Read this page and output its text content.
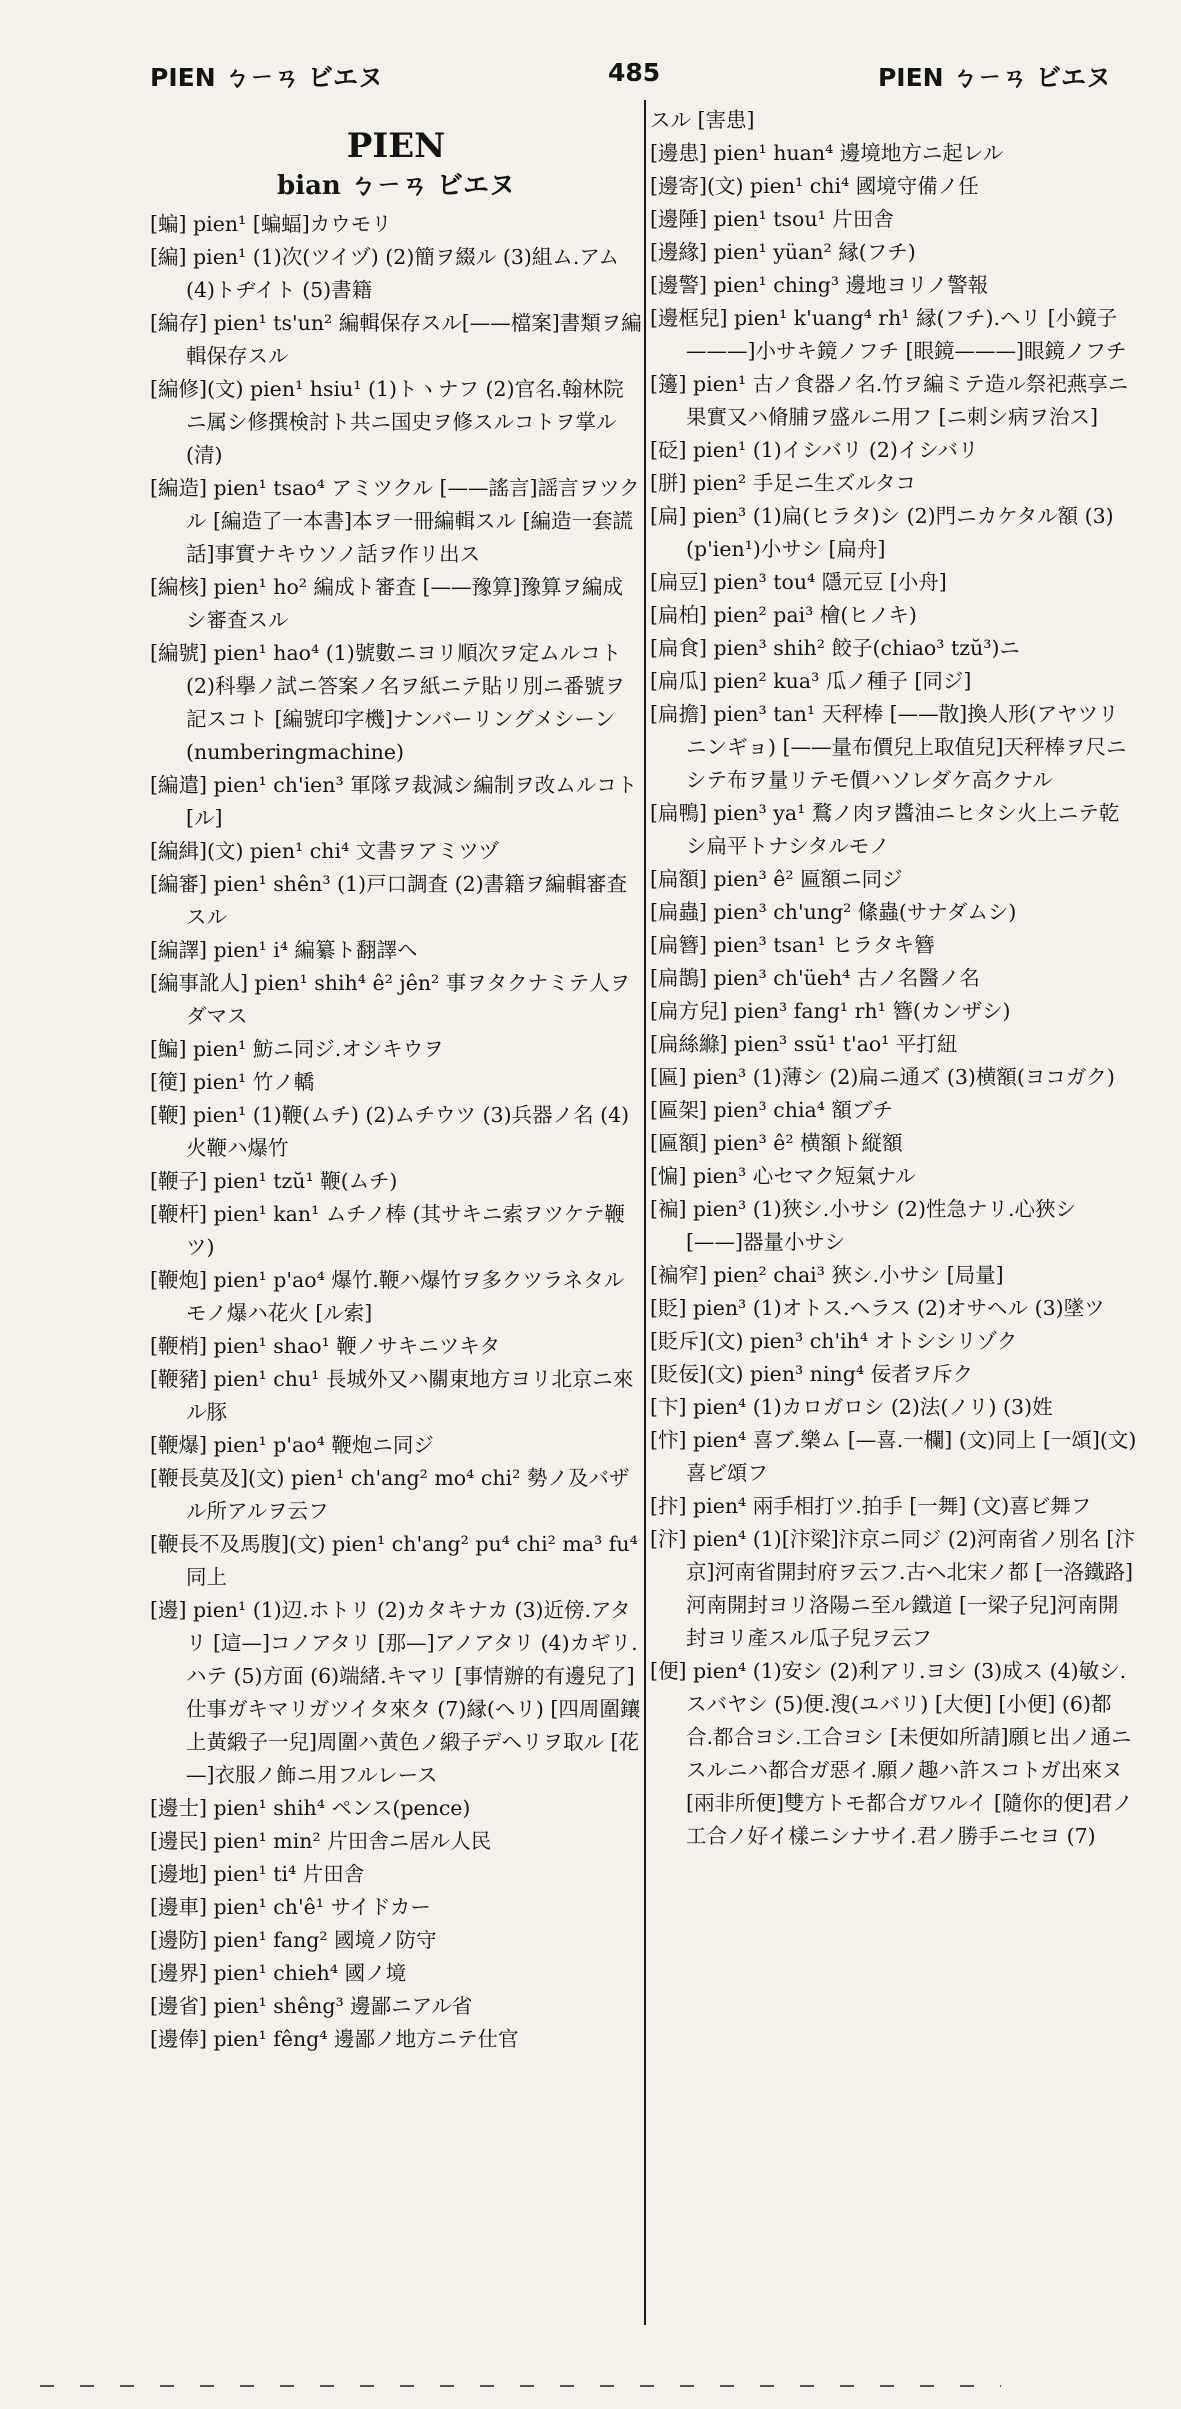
PIEN ㄅㄧㄢ ビエヌ	485	PIEN ㄅㄧㄢ ビエヌ
PIEN
bian ㄅㄧㄢ ビエヌ
[蝙] pien¹ [蝙蝠]カウモリ
[編] pien¹ (1)次(ツイヅ) (2)簡ヲ綴ル (3)組ム.アム (4)トヂイト (5)書籍
[編存] pien¹ ts'un² 編輯保存スル[——檔案]書類ヲ編輯保存スル
[編修](文) pien¹ hsiu¹ (1)トヽナフ (2)官名.翰林院ニ属シ修撰検討ト共ニ国史ヲ修スルコトヲ掌ル(清)
[編造] pien¹ tsao⁴ アミツクル [——謠言]謡言ヲツクル [編造了一本書]本ヲ一冊編輯スル [編造一套謊話]事實ナキウソノ話ヲ作リ出ス
[編核] pien¹ ho² 編成ト審査 [——豫算]豫算ヲ編成シ審査スル
[編號] pien¹ hao⁴ (1)號數ニヨリ順次ヲ定ムルコト (2)科擧ノ試ニ答案ノ名ヲ紙ニテ貼リ別ニ番號ヲ記スコト [編號印字機]ナンバーリングメシーン (numberingmachine)
[編遣] pien¹ ch'ien³ 軍隊ヲ裁減シ編制ヲ改ムルコト [ル]
[編緝](文) pien¹ chi⁴ 文書ヲアミツヅ
[編審] pien¹ shên³ (1)戸口調査 (2)書籍ヲ編輯審査スル
[編譯] pien¹ i⁴ 編纂ト翻譯ヘ
[編事訛人] pien¹ shih⁴ ê² jên² 事ヲタクナミテ人ヲダマス
[鯿] pien¹ 魴ニ同ジ.オシキウヲ
[箯] pien¹ 竹ノ轎
[鞭] pien¹ (1)鞭(ムチ) (2)ムチウツ (3)兵器ノ名 (4)火鞭ハ爆竹
[鞭子] pien¹ tzŭ¹ 鞭(ムチ)
[鞭杆] pien¹ kan¹ ムチノ棒 (其サキニ索ヲツケテ鞭ツ)
[鞭炮] pien¹ p'ao⁴ 爆竹.鞭ハ爆竹ヲ多クツラネタルモノ爆ハ花火 [ル索]
[鞭梢] pien¹ shao¹ 鞭ノサキニツキタ
[鞭豬] pien¹ chu¹ 長城外又ハ關東地方ヨリ北京ニ來ル豚
[鞭爆] pien¹ p'ao⁴ 鞭炮ニ同ジ
[鞭長莫及](文) pien¹ ch'ang² mo⁴ chi² 勢ノ及バザル所アルヲ云フ
[鞭長不及馬腹](文) pien¹ ch'ang² pu⁴ chi² ma³ fu⁴ 同上
[邊] pien¹ (1)辺.ホトリ (2)カタキナカ (3)近傍.アタリ [這—]コノアタリ [那—]アノアタリ (4)カギリ.ハテ (5)方面 (6)端緒.キマリ [事情辦的有邊兒了]仕事ガキマリガツイタ來タ (7)縁(ヘリ) [四周圍鑲上黃緞子一兒]周圍ハ黄色ノ緞子デヘリヲ取ル [花—]衣服ノ飾ニ用フルレース
[邊士] pien¹ shih⁴ ペンス(pence)
[邊民] pien¹ min² 片田舎ニ居ル人民
[邊地] pien¹ ti⁴ 片田舎
[邊車] pien¹ ch'ê¹ サイドカー
[邊防] pien¹ fang² 國境ノ防守
[邊界] pien¹ chieh⁴ 國ノ境
[邊省] pien¹ shêng³ 邊鄙ニアル省
[邊俸] pien¹ fêng⁴ 邊鄙ノ地方ニテ仕官
スル [害患]
[邊患] pien¹ huan⁴ 邊境地方ニ起レル
[邊寄](文) pien¹ chi⁴ 國境守備ノ任
[邊陲] pien¹ tsou¹ 片田舎
[邊緣] pien¹ yüan² 縁(フチ)
[邊警] pien¹ ching³ 邊地ヨリノ警報
[邊框兒] pien¹ k'uang⁴ rh¹ 縁(フチ).ヘリ [小鏡子———]小サキ鏡ノフチ [眼鏡———]眼鏡ノフチ
[籩] pien¹ 古ノ食器ノ名.竹ヲ編ミテ造ル祭祀燕享ニ果實又ハ脩脯ヲ盛ルニ用フ [ニ刺シ病ヲ治ス]
[砭] pien¹ (1)イシバリ (2)イシバリ
[胼] pien² 手足ニ生ズルタコ
[扁] pien³ (1)扁(ヒラタ)シ (2)門ニカケタル額 (3)(p'ien¹)小サシ [扁舟]
[扁豆] pien³ tou⁴ 隱元豆 [小舟]
[扁柏] pien² pai³ 檜(ヒノキ)
[扁食] pien³ shih² 餃子(chiao³ tzŭ³)ニ
[扁瓜] pien² kua³ 瓜ノ種子 [同ジ]
[扁擔] pien³ tan¹ 天秤棒 [——散]換人形(アヤツリニンギョ) [——量布價兒上取值兒]天秤棒ヲ尺ニシテ布ヲ量リテモ價ハソレダケ高クナル
[扁鴨] pien³ ya¹ 鶩ノ肉ヲ醬油ニヒタシ火上ニテ乾シ扁平トナシタルモノ
[扁額] pien³ ê² 匾額ニ同ジ
[扁蟲] pien³ ch'ung² 絛蟲(サナダムシ)
[扁簪] pien³ tsan¹ ヒラタキ簪
[扁鵲] pien³ ch'üeh⁴ 古ノ名醫ノ名
[扁方兒] pien³ fang¹ rh¹ 簪(カンザシ)
[扁絲縧] pien³ ssŭ¹ t'ao¹ 平打紐
[匾] pien³ (1)薄シ (2)扁ニ通ズ (3)横額(ヨコガク)
[匾架] pien³ chia⁴ 額ブチ
[匾額] pien³ ê² 横額ト縦額
[惼] pien³ 心セマク短氣ナル
[褊] pien³ (1)狹シ.小サシ (2)性急ナリ.心狹シ [——]器量小サシ
[褊窄] pien² chai³ 狹シ.小サシ [局量]
[貶] pien³ (1)オトス.ヘラス (2)オサヘル (3)墜ツ
[貶斥](文) pien³ ch'ih⁴ オトシシリゾク
[貶佞](文) pien³ ning⁴ 佞者ヲ斥ク
[卞] pien⁴ (1)カロガロシ (2)法(ノリ) (3)姓
[忭] pien⁴ 喜ブ.樂ム [—喜.一欄] (文)同上 [一頌](文)喜ビ頌フ
[抃] pien⁴ 兩手相打ツ.拍手 [一舞] (文)喜ビ舞フ
[汴] pien⁴ (1)[汴梁]汴京ニ同ジ (2)河南省ノ別名 [汴京]河南省開封府ヲ云フ.古ヘ北宋ノ都 [一洛鐵路]河南開封ヨリ洛陽ニ至ル鐵道 [一梁子兒]河南開封ヨリ產スル瓜子兒ヲ云フ
[便] pien⁴ (1)安シ (2)利アリ.ヨシ (3)成ス (4)敏シ.スバヤシ (5)便.溲(ユバリ) [大便] [小便] (6)都合.都合ヨシ.工合ヨシ [未便如所請]願ヒ出ノ通ニスルニハ都合ガ惡イ.願ノ趣ハ許スコトガ出來ヌ [兩非所便]雙方トモ都合ガワルイ [隨你的便]君ノ工合ノ好イ樣ニシナサイ.君ノ勝手ニセヨ (7)
